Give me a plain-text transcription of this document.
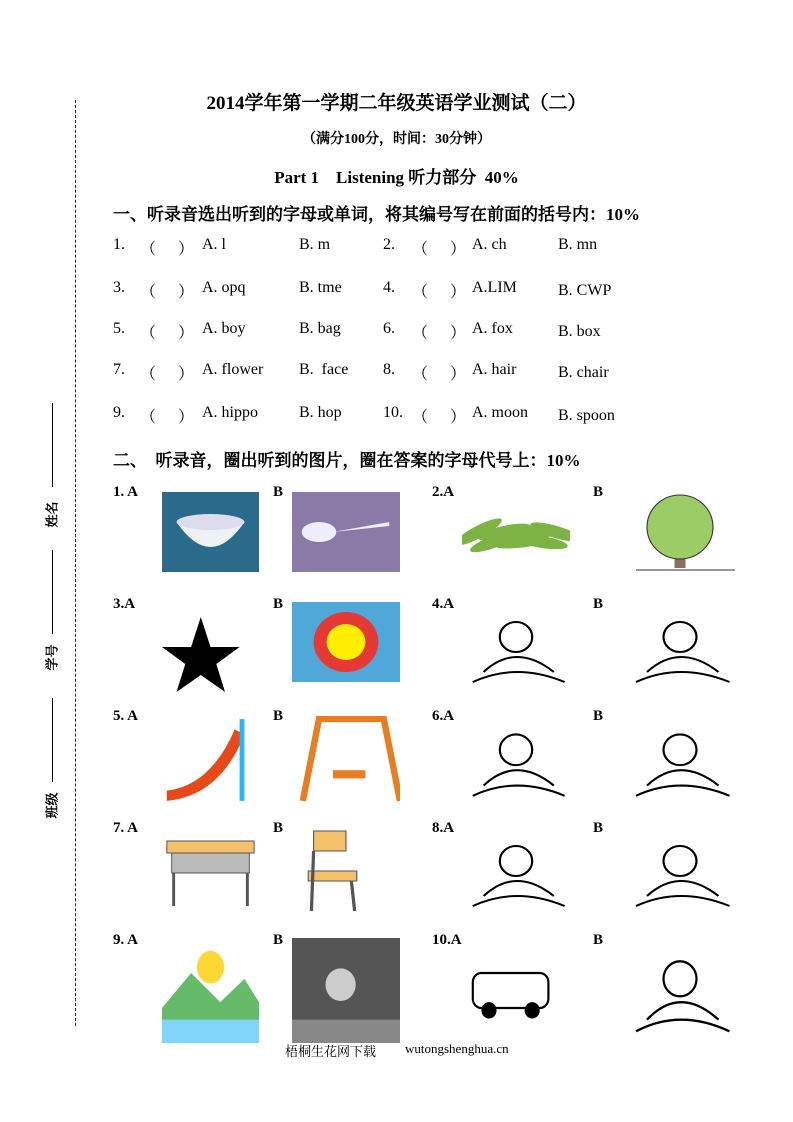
姓名
学号
班级
2014学年第一学期二年级英语学业测试（二）
（满分100分，时间：30分钟）
Part 1    Listening 听力部分  40%
一、听录音选出听到的字母或单词，将其编号写在前面的括号内：10%
1. （ ） A. l	B. m	2. （ ） A. ch	B. mn
3. （ ） A. opq	B. tme	4. （ ） A.LIM	B. CWP
5. （ ） A. boy	B. bag	6. （ ） A. fox	B. box
7. （ ） A. flower B.  face 8. （ ） A. hair	B. chair
9. （ ） A. hippo	B. hop	10. （ ） A. moon B. spoon
二、  听录音，圈出听到的图片，圈在答案的字母代号上：10%
1. A	B	2.A	B
3.A	B	4.A	B
5. A	B	6.A	B
7. A	B	8.A	B
9. A	B	10.A	B
梧桐生花网下载 wutongshenghua.cn
